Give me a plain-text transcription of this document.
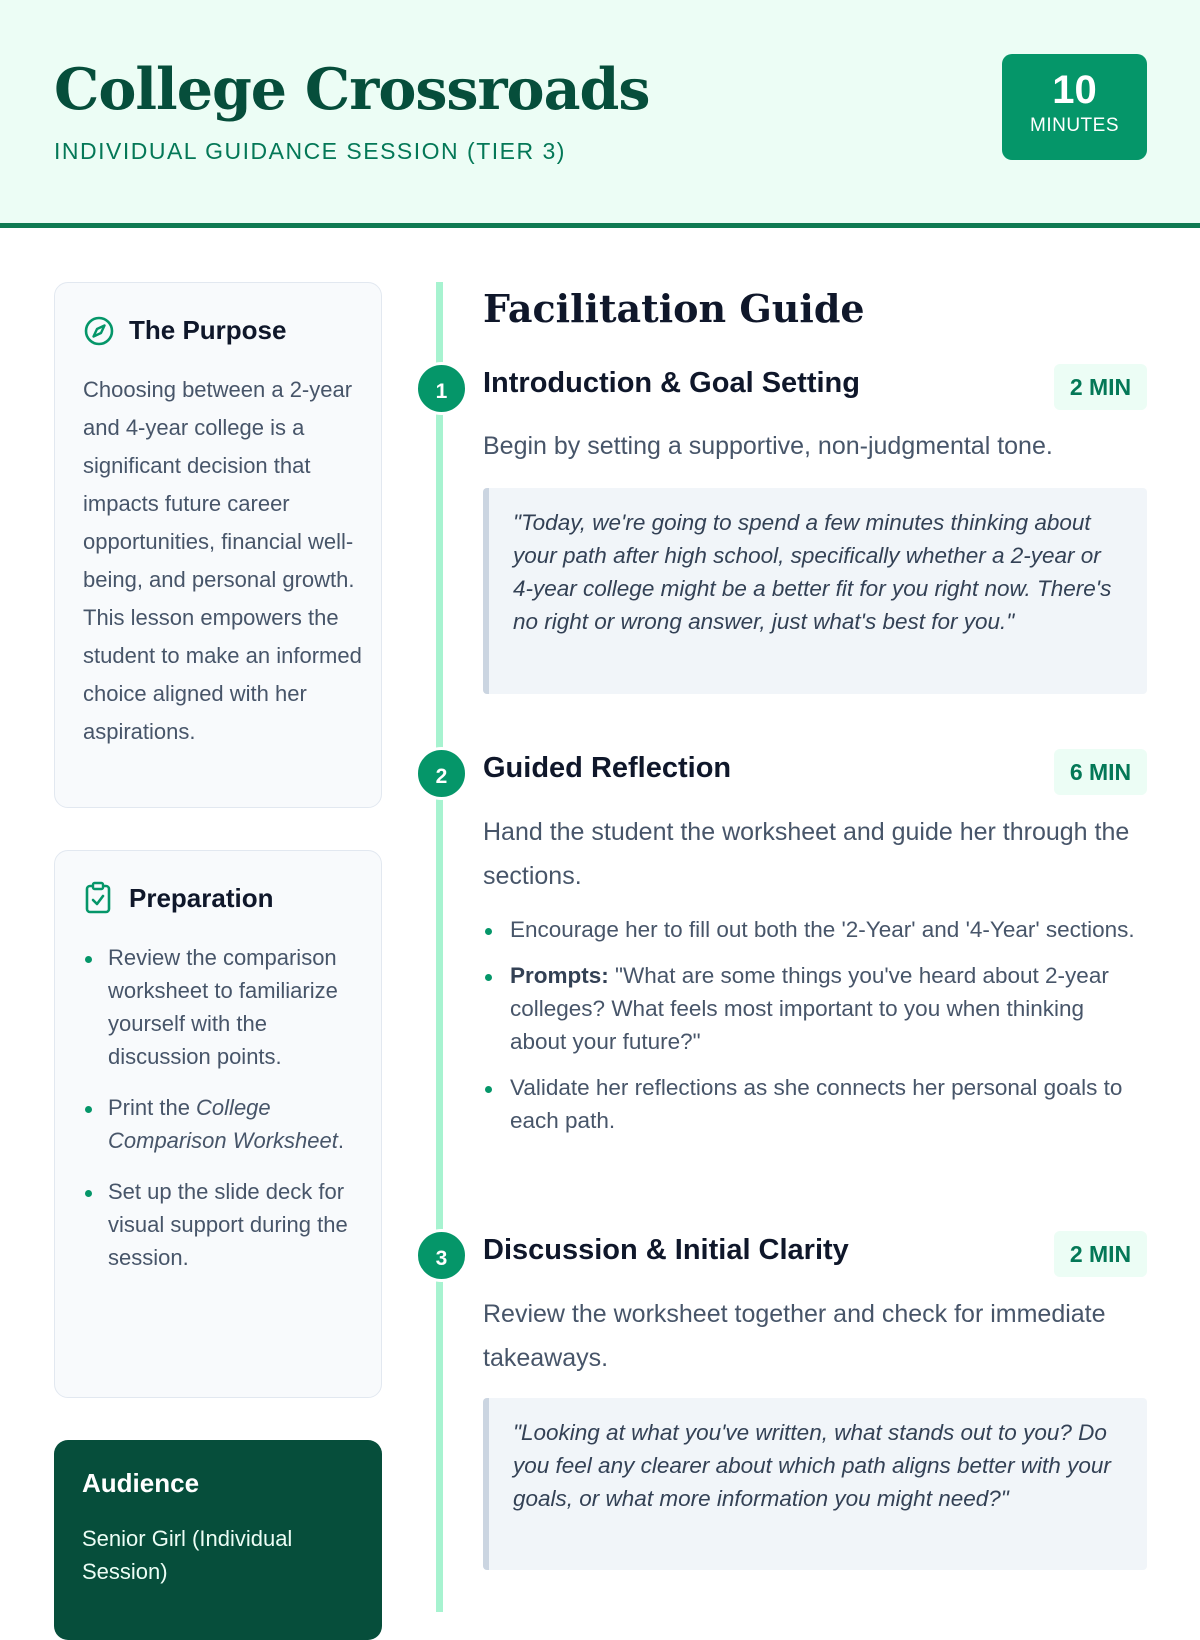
College Crossroads
INDIVIDUAL GUIDANCE SESSION (TIER 3)
10
MINUTES
The Purpose
Choosing between a 2-year and 4-year college is a significant decision that impacts future career opportunities, financial well-being, and personal growth. This lesson empowers the student to make an informed choice aligned with her aspirations.
Preparation
Review the comparison worksheet to familiarize yourself with the discussion points.
Print the College Comparison Worksheet.
Set up the slide deck for visual support during the session.
Audience
Senior Girl (Individual Session)
Facilitation Guide
1	Introduction & Goal Setting	2 MIN
Begin by setting a supportive, non-judgmental tone.
"Today, we're going to spend a few minutes thinking about your path after high school, specifically whether a 2-year or 4-year college might be a better fit for you right now. There's no right or wrong answer, just what's best for you."
2	Guided Reflection	6 MIN
Hand the student the worksheet and guide her through the sections.
Encourage her to fill out both the '2-Year' and '4-Year' sections.
Prompts: "What are some things you've heard about 2-year colleges? What feels most important to you when thinking about your future?"
Validate her reflections as she connects her personal goals to each path.
3	Discussion & Initial Clarity	2 MIN
Review the worksheet together and check for immediate takeaways.
"Looking at what you've written, what stands out to you? Do you feel any clearer about which path aligns better with your goals, or what more information you might need?"
